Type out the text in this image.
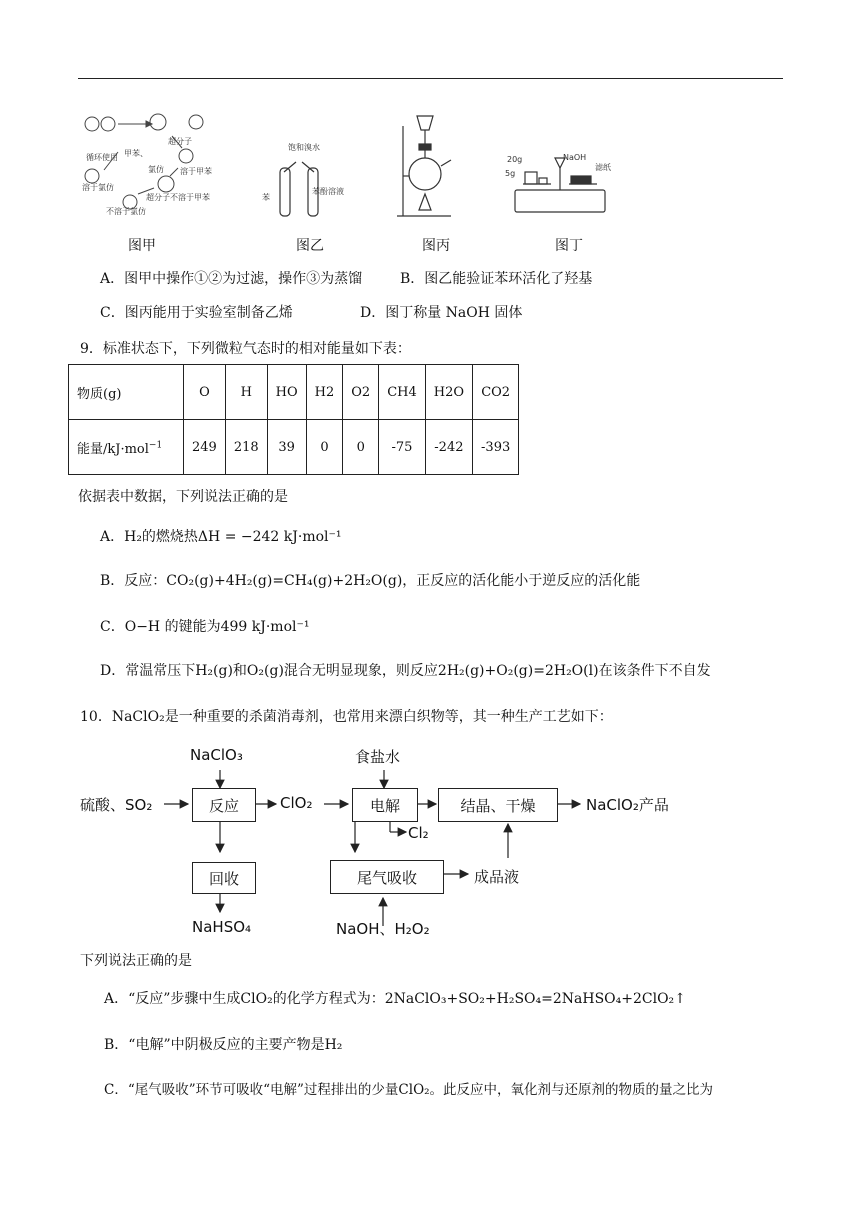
超分子
甲苯、
氯仿 溶于甲苯
循环使用
溶于氯仿
超分子不溶于甲苯
不溶于氯仿
图甲
饱和溴水
苯
苯酚溶液
图乙	图丙
20g
5g
NaOH
滤纸
图丁
A．图甲中操作①②为过滤，操作③为蒸馏	B．图乙能验证苯环活化了羟基
C．图丙能用于实验室制备乙烯	D．图丁称量 NaOH 固体
9．标准状态下，下列微粒气态时的相对能量如下表：
物质(g)	O	H	HO	H2	O2	CH4	H2O	CO2
能量/kJ·mol$^{-1}$	249	218	39	0	0	-75	-242	-393
依据表中数据，下列说法正确的是
A．H₂的燃烧热ΔH = −242 kJ·mol⁻¹
B．反应：CO₂(g)+4H₂(g)=CH₄(g)+2H₂O(g)，正反应的活化能小于逆反应的活化能
C．O−H 的键能为499 kJ·mol⁻¹
D．常温常压下H₂(g)和O₂(g)混合无明显现象，则反应2H₂(g)+O₂(g)=2H₂O(l)在该条件下不自发
10．NaClO₂是一种重要的杀菌消毒剂，也常用来漂白织物等，其一种生产工艺如下：
NaClO₃
硫酸、SO₂	反应	ClO₂
食盐水
电解	结晶、干燥	NaClO₂产品
Cl₂
回收	尾气吸收	成品液
NaHSO₄	NaOH、H₂O₂
下列说法正确的是
A．“反应”步骤中生成ClO₂的化学方程式为：2NaClO₃+SO₂+H₂SO₄=2NaHSO₄+2ClO₂↑
B．“电解”中阴极反应的主要产物是H₂
C．“尾气吸收”环节可吸收“电解”过程排出的少量ClO₂。此反应中，氧化剂与还原剂的物质的量之比为
